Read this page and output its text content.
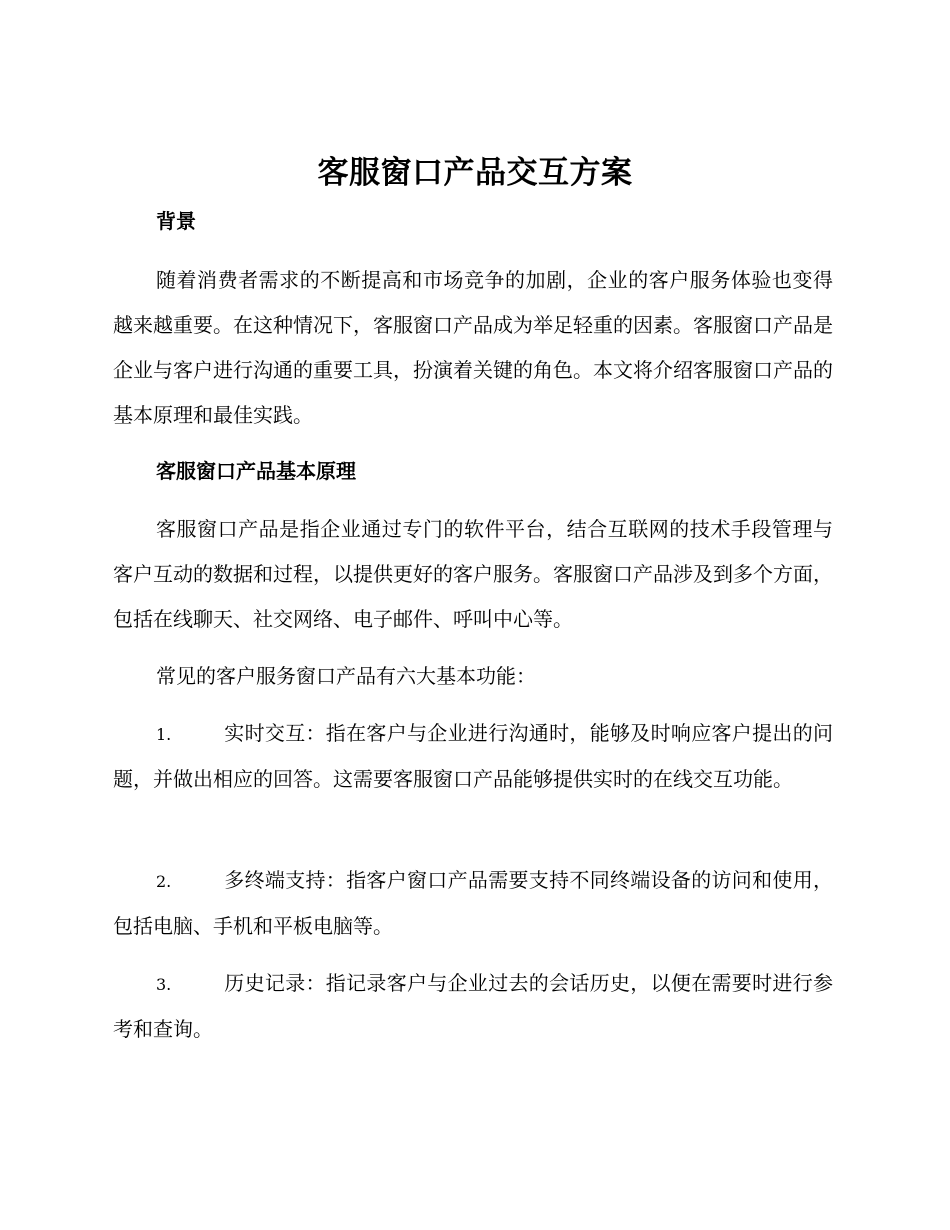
客服窗口产品交互方案
背景

随着消费者需求的不断提高和市场竞争的加剧，企业的客户服务体验也变得越来越重要。在这种情况下，客服窗口产品成为举足轻重的因素。客服窗口产品是企业与客户进行沟通的重要工具，扮演着关键的角色。本文将介绍客服窗口产品的基本原理和最佳实践。

客服窗口产品基本原理

客服窗口产品是指企业通过专门的软件平台，结合互联网的技术手段管理与客户互动的数据和过程，以提供更好的客户服务。客服窗口产品涉及到多个方面，包括在线聊天、社交网络、电子邮件、呼叫中心等。

常见的客户服务窗口产品有六大基本功能：

1.	实时交互：指在客户与企业进行沟通时，能够及时响应客户提出的问题，并做出相应的回答。这需要客服窗口产品能够提供实时的在线交互功能。

2.	多终端支持：指客户窗口产品需要支持不同终端设备的访问和使用，包括电脑、手机和平板电脑等。

3.	历史记录：指记录客户与企业过去的会话历史，以便在需要时进行参考和查询。
